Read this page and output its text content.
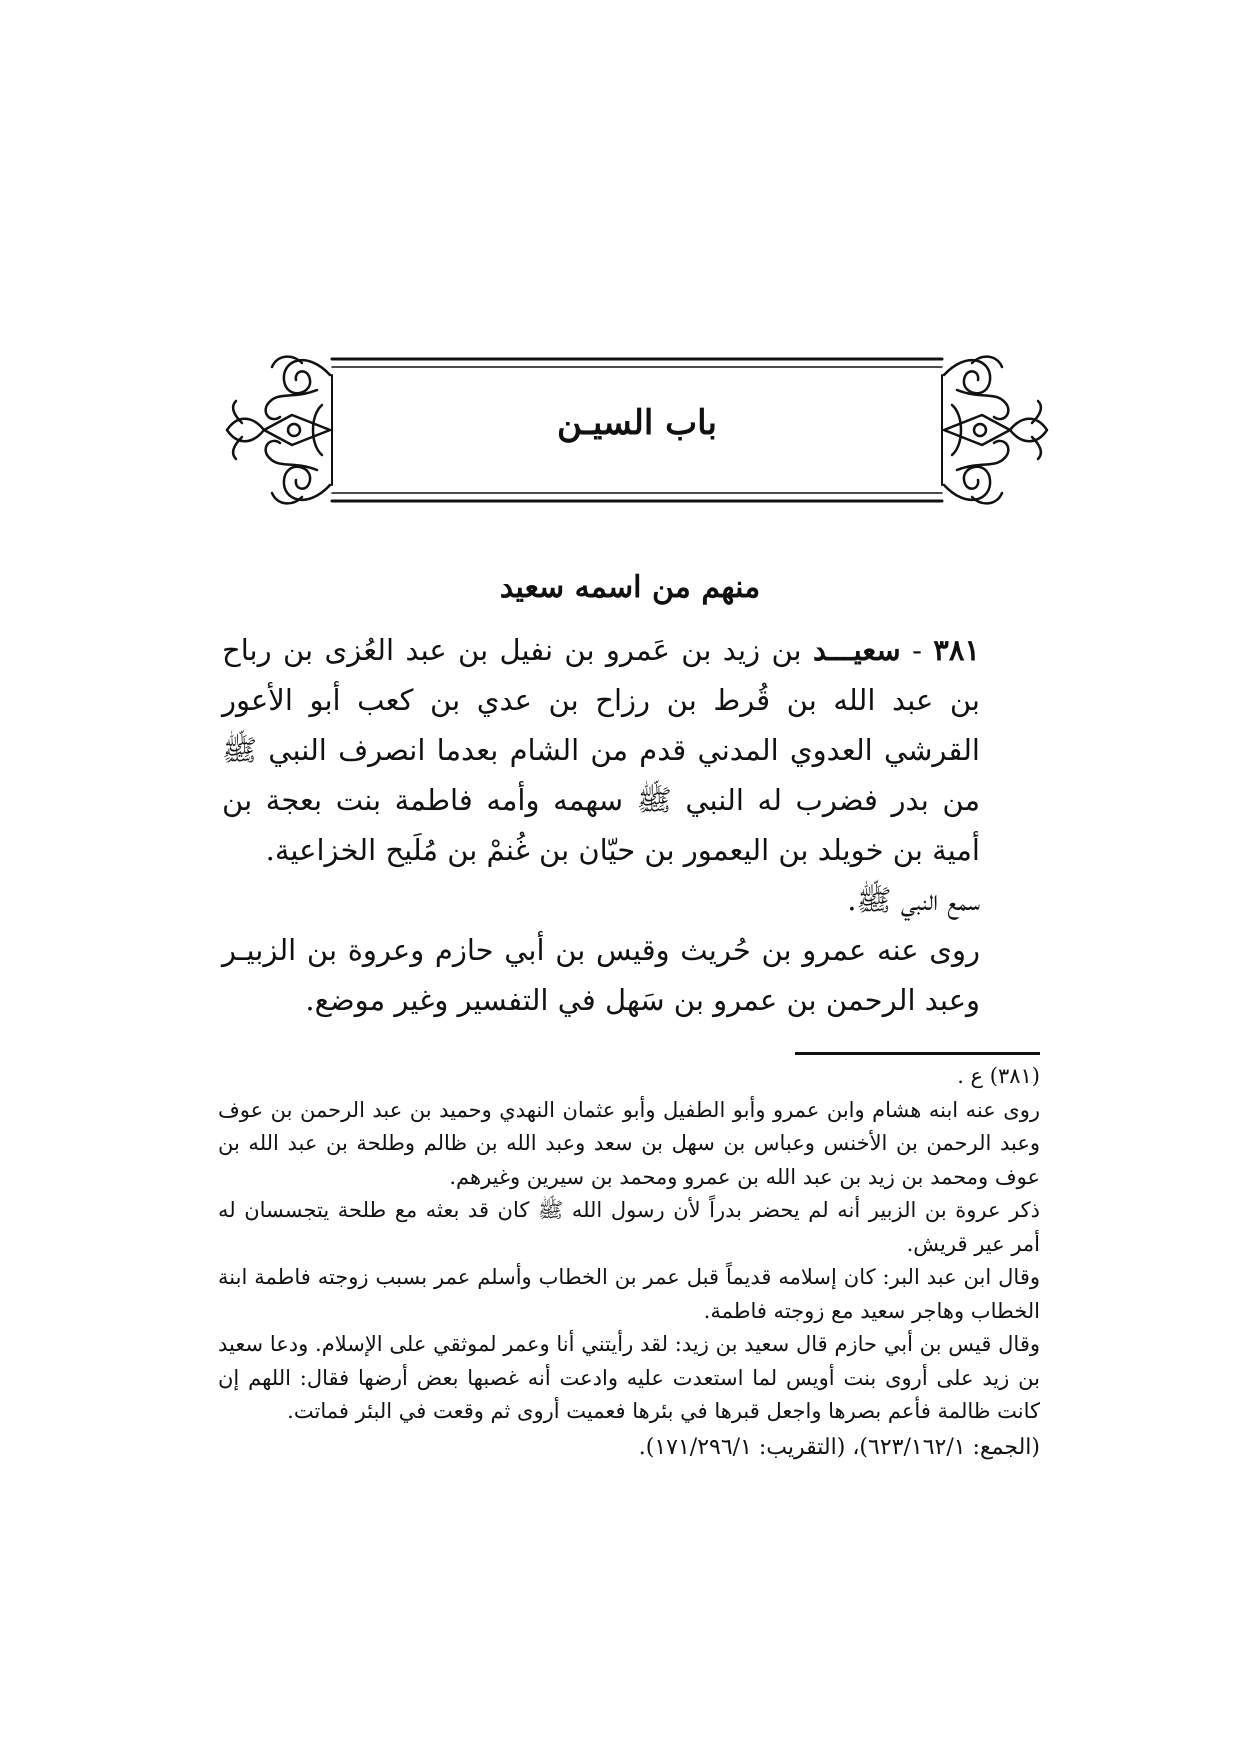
باب السيـن
منهم من اسمه سعيد

٣٨١ - سعيـــد بن زيد بن عَمرو بن نفيل بن عبد العُزى بن رباح بن عبد الله بن قُرط بن رزاح بن عدي بن كعب أبو الأعور القرشي العدوي المدني قدم من الشام بعدما انصرف النبي ﷺ من بدر فضرب له النبي ﷺ سهمه وأمه فاطمة بنت بعجة بن أمية بن خويلد بن اليعمور بن حيّان بن غُنمْ بن مُلَيح الخزاعية.

سمع النبي ﷺ.

روى عنه عمرو بن حُريث وقيس بن أبي حازم وعروة بن الزبيـر وعبد الرحمن بن عمرو بن سَهل في التفسير وغير موضع.

(٣٨١) ع .

روى عنه ابنه هشام وابن عمرو وأبو الطفيل وأبو عثمان النهدي وحميد بن عبد الرحمن بن عوف وعبد الرحمن بن الأخنس وعباس بن سهل بن سعد وعبد الله بن ظالم وطلحة بن عبد الله بن عوف ومحمد بن زيد بن عبد الله بن عمرو ومحمد بن سيرين وغيرهم.

ذكر عروة بن الزبير أنه لم يحضر بدراً لأن رسول الله ﷺ كان قد بعثه مع طلحة يتجسسان له أمر عير قريش.

وقال ابن عبد البر: كان إسلامه قديماً قبل عمر بن الخطاب وأسلم عمر بسبب زوجته فاطمة ابنة الخطاب وهاجر سعيد مع زوجته فاطمة.

وقال قيس بن أبي حازم قال سعيد بن زيد: لقد رأيتني أنا وعمر لموثقي على الإسلام. ودعا سعيد بن زيد على أروى بنت أويس لما استعدت عليه وادعت أنه غصبها بعض أرضها فقال: اللهم إن كانت ظالمة فأعم بصرها واجعل قبرها في بئرها فعميت أروى ثم وقعت في البئر فماتت.

(الجمع: ٦٢٣/١٦٢/١)، (التقريب: ١٧١/٢٩٦/١).
